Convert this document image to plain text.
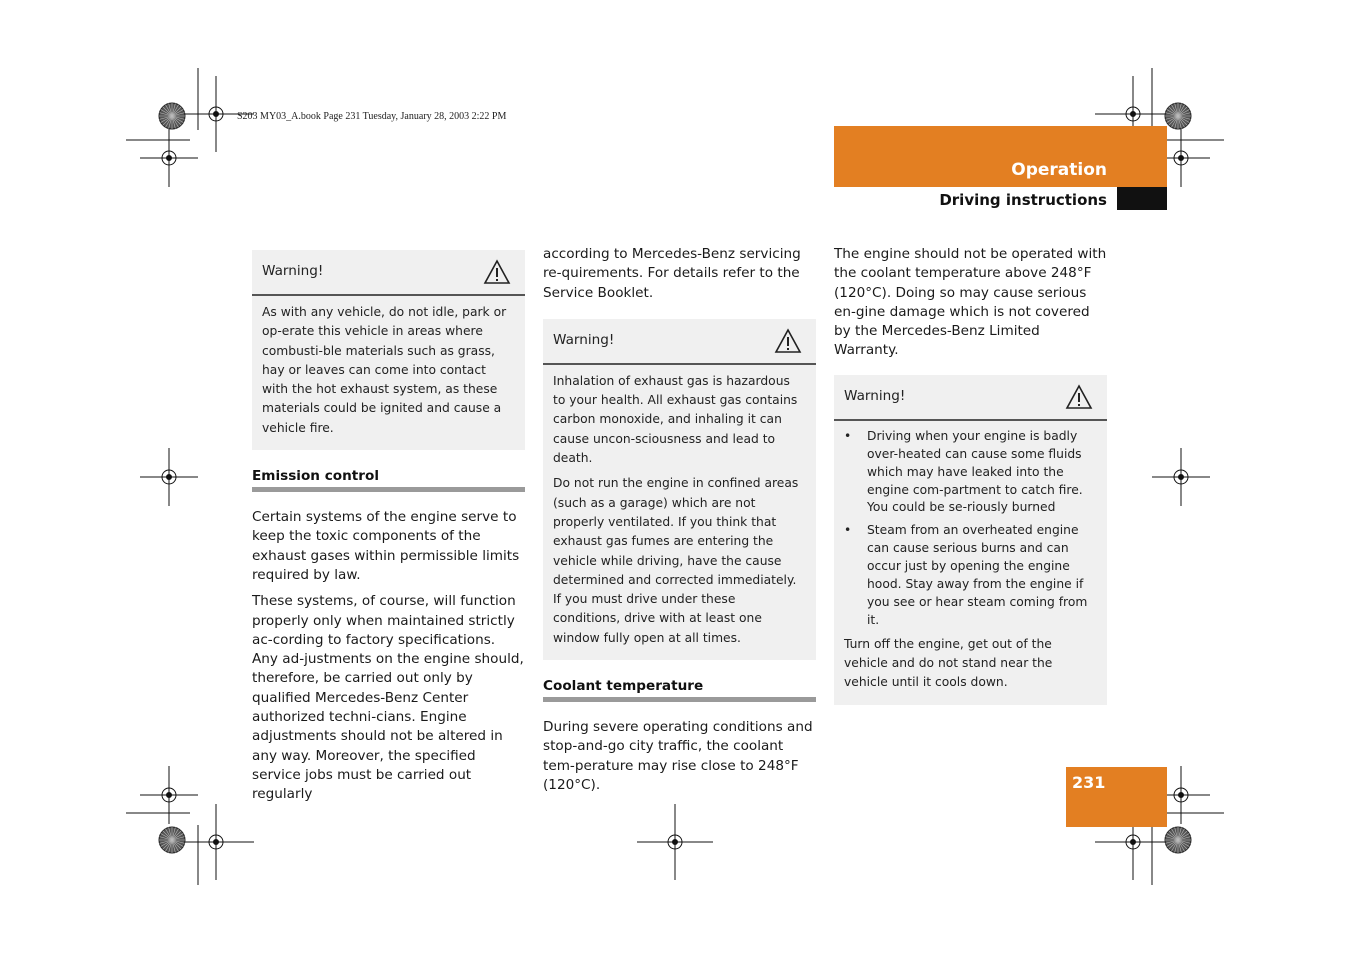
S203 MY03_A.book Page 231 Tuesday, January 28, 2003 2:22 PM
Operation
Driving instructions
Warning!

As with any vehicle, do not idle, park or op-erate this vehicle in areas where combusti-ble materials such as grass, hay or leaves can come into contact with the hot exhaust system, as these materials could be ignited and cause a vehicle fire.

Emission control

Certain systems of the engine serve to keep the toxic components of the exhaust gases within permissible limits required by law.

These systems, of course, will function properly only when maintained strictly ac-cording to factory specifications. Any ad-justments on the engine should, therefore, be carried out only by qualified Mercedes-Benz Center authorized techni-cians. Engine adjustments should not be altered in any way. Moreover, the specified service jobs must be carried out regularly

according to Mercedes-Benz servicing re-quirements. For details refer to the Service Booklet.

Warning!

Inhalation of exhaust gas is hazardous to your health. All exhaust gas contains carbon monoxide, and inhaling it can cause uncon-sciousness and lead to death.

Do not run the engine in confined areas (such as a garage) which are not properly ventilated. If you think that exhaust gas fumes are entering the vehicle while driving, have the cause determined and corrected immediately. If you must drive under these conditions, drive with at least one window fully open at all times.

Coolant temperature

During severe operating conditions and stop-and-go city traffic, the coolant tem-perature may rise close to 248°F (120°C).

The engine should not be operated with the coolant temperature above 248°F (120°C). Doing so may cause serious en-gine damage which is not covered by the Mercedes-Benz Limited Warranty.

Warning!
• Driving when your engine is badly over-heated can cause some fluids which may have leaked into the engine com-partment to catch fire. You could be se-riously burned
• Steam from an overheated engine can cause serious burns and can occur just by opening the engine hood. Stay away from the engine if you see or hear steam coming from it.

Turn off the engine, get out of the vehicle and do not stand near the vehicle until it cools down.

231
